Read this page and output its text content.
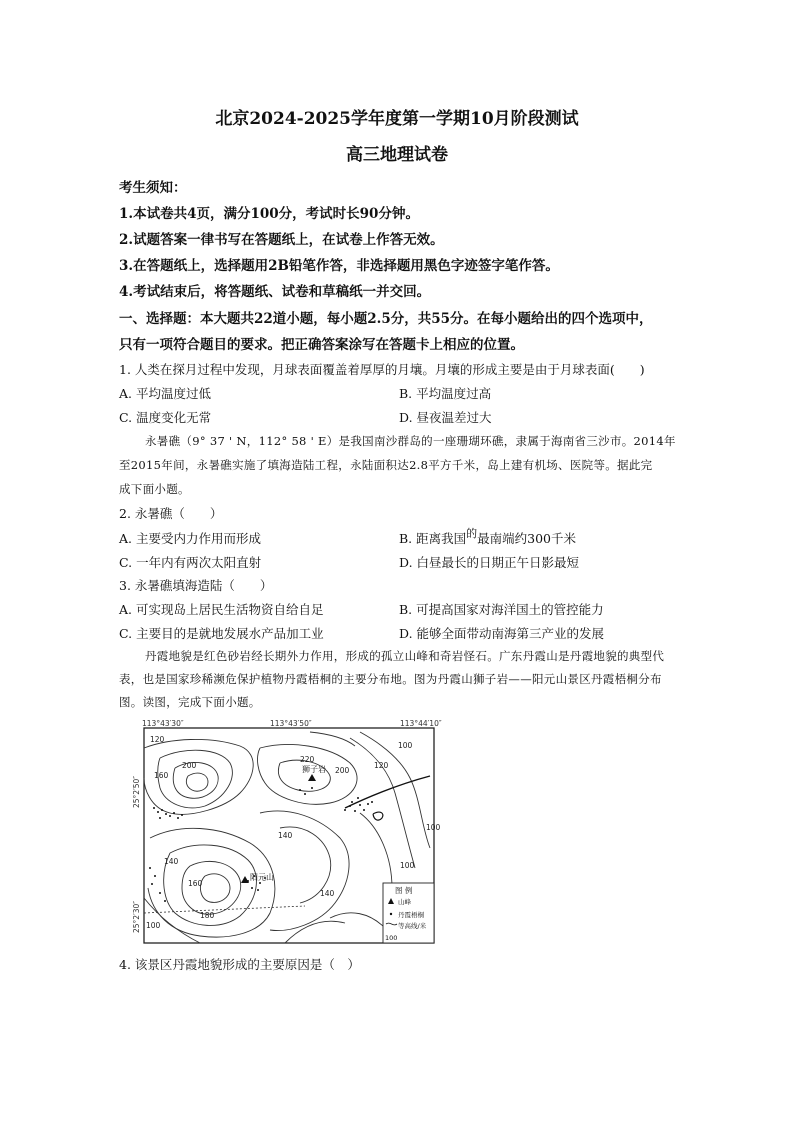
北京2024-2025学年度第一学期10月阶段测试
高三地理试卷
考生须知：
1.本试卷共4页，满分100分，考试时长90分钟。
2.试题答案一律书写在答题纸上，在试卷上作答无效。
3.在答题纸上，选择题用2B铅笔作答，非选择题用黑色字迹签字笔作答。
4.考试结束后，将答题纸、试卷和草稿纸一并交回。
一、选择题：本大题共22道小题，每小题2.5分，共55分。在每小题给出的四个选项中，
只有一项符合题目的要求。把正确答案涂写在答题卡上相应的位置。
1. 人类在探月过程中发现，月球表面覆盖着厚厚的月壤。月壤的形成主要是由于月球表面(　　)
A. 平均温度过低	B. 平均温度过高
C. 温度变化无常	D. 昼夜温差过大
永暑礁（9° 37 ' N，112° 58 ' E）是我国南沙群岛的一座珊瑚环礁，隶属于海南省三沙市。2014年
至2015年间，永暑礁实施了填海造陆工程，永陆面积达2.8平方千米，岛上建有机场、医院等。据此完
成下面小题。
2. 永暑礁（　　）
A. 主要受内力作用而形成	B. 距离我国的最南端约300千米
C. 一年内有两次太阳直射	D. 白昼最长的日期正午日影最短
3. 永暑礁填海造陆（　　）
A. 可实现岛上居民生活物资自给自足	B. 可提高国家对海洋国土的管控能力
C. 主要目的是就地发展水产品加工业	D. 能够全面带动南海第三产业的发展
丹霞地貌是红色砂岩经长期外力作用，形成的孤立山峰和奇岩怪石。广东丹霞山是丹霞地貌的典型代
表，也是国家珍稀濒危保护植物丹霞梧桐的主要分布地。图为丹霞山狮子岩——阳元山景区丹霞梧桐分布
图。读图，完成下面小题。
113°43′30″	113°43′50″	113°44′10″
25°2′50″
25°2′30″
狮子岩
阳元山
120
160
200
220
200
120
100
100
140
140
160
180
140
100
100
图 例
山峰
丹霞梧桐
等高线/米
100
4. 该景区丹霞地貌形成的主要原因是（　）
